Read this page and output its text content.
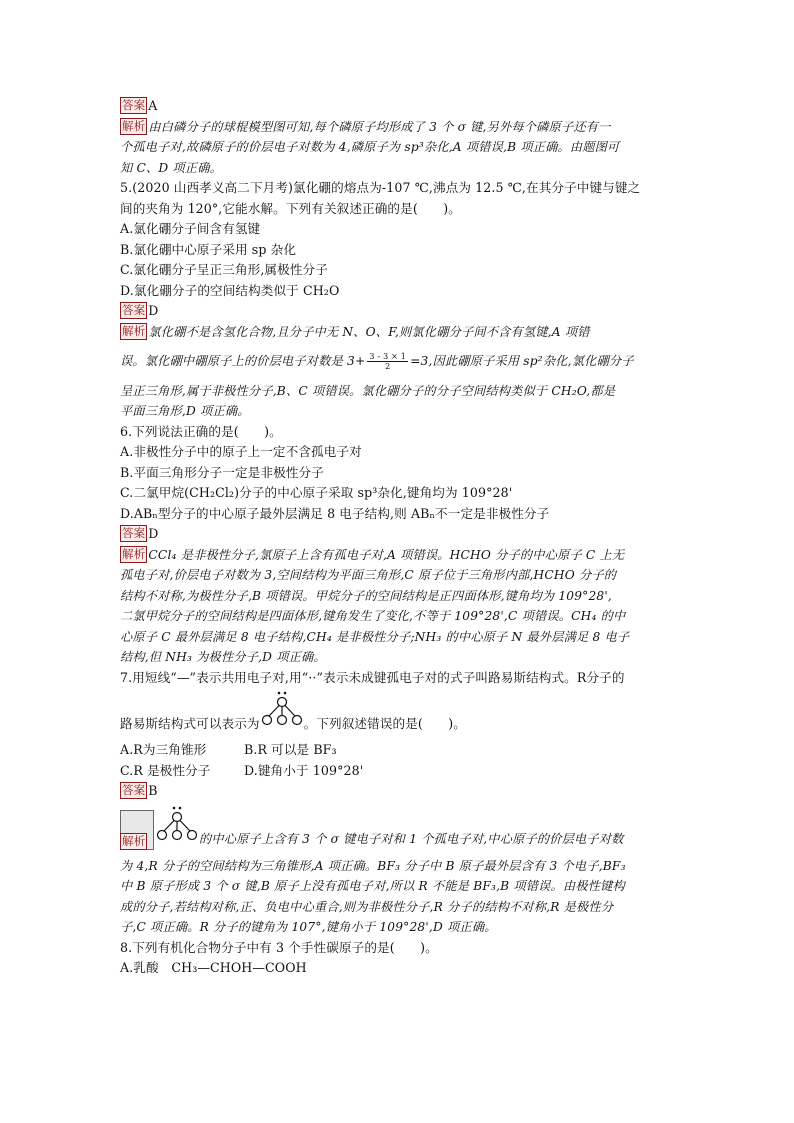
答案 A
解析 由白磷分子的球棍模型图可知,每个磷原子均形成了 3 个 σ 键,另外每个磷原子还有一
个孤电子对,故磷原子的价层电子对数为 4,磷原子为 sp³杂化,A 项错误,B 项正确。由题图可
知 C、D 项正确。
5.(2020 山西孝义高二下月考)氯化硼的熔点为-107 ℃,沸点为 12.5 ℃,在其分子中键与键之
间的夹角为 120°,它能水解。下列有关叙述正确的是(　　)。
A.氯化硼分子间含有氢键
B.氯化硼中心原子采用 sp 杂化
C.氯化硼分子呈正三角形,属极性分子
D.氯化硼分子的空间结构类似于 CH₂O
答案 D
解析 氯化硼不是含氢化合物,且分子中无 N、O、F,则氯化硼分子间不含有氢键,A 项错
误。氯化硼中硼原子上的价层电子对数是 $3+ \frac{3 - 3 \times 1}{2} =3$,因此硼原子采用 sp²杂化,氯化硼分子
呈正三角形,属于非极性分子,B、C 项错误。氯化硼分子的分子空间结构类似于 CH₂O,都是
平面三角形,D 项正确。
6.下列说法正确的是(　　)。
A.非极性分子中的原子上一定不含孤电子对
B.平面三角形分子一定是非极性分子
C.二氯甲烷(CH₂Cl₂)分子的中心原子采取 sp³杂化,键角均为 109°28'
D.ABₙ型分子的中心原子最外层满足 8 电子结构,则 ABₙ不一定是非极性分子
答案 D
解析 CCl₄ 是非极性分子,氯原子上含有孤电子对,A 项错误。HCHO 分子的中心原子 C 上无
孤电子对,价层电子对数为 3,空间结构为平面三角形,C 原子位于三角形内部,HCHO 分子的
结构不对称,为极性分子,B 项错误。甲烷分子的空间结构是正四面体形,键角均为 109°28',
二氯甲烷分子的空间结构是四面体形,键角发生了变化,不等于 109°28',C 项错误。CH₄ 的中
心原子 C 最外层满足 8 电子结构,CH₄ 是非极性分子;NH₃ 的中心原子 N 最外层满足 8 电子
结构,但 NH₃ 为极性分子,D 项正确。
7.用短线“—”表示共用电子对,用“··”表示未成键孤电子对的式子叫路易斯结构式。R分子的
路易斯结构式可以表示为	。下列叙述错误的是(　　)。
A.R为三角锥形	B.R 可以是 BF₃
C.R 是极性分子	D.键角小于 109°28'
答案 B
解析	的中心原子上含有 3 个 σ 键电子对和 1 个孤电子对,中心原子的价层电子对数
为 4,R 分子的空间结构为三角锥形,A 项正确。BF₃ 分子中 B 原子最外层含有 3 个电子,BF₃
中 B 原子形成 3 个 σ 键,B 原子上没有孤电子对,所以 R 不能是 BF₃,B 项错误。由极性键构
成的分子,若结构对称,正、负电中心重合,则为非极性分子,R 分子的结构不对称,R 是极性分
子,C 项正确。R 分子的键角为 107°,键角小于 109°28',D 项正确。
8.下列有机化合物分子中有 3 个手性碳原子的是(　　)。
A.乳酸　CH₃—CHOH—COOH
